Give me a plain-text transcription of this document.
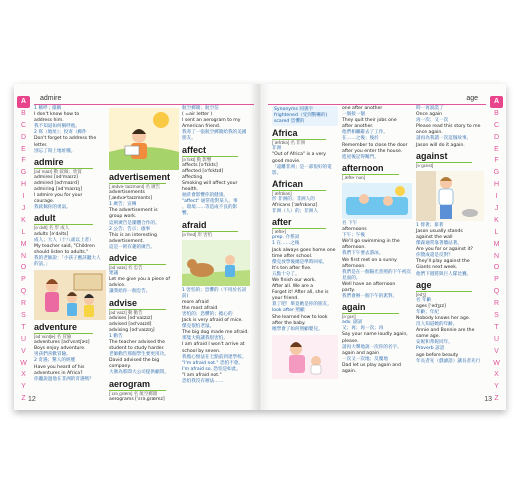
A
B
C
D
E
F
G
H
I
J
K
L
M
N
O
P
Q
R
S
T
U
V
W
X
Y
Z
admire
1 稱呼 ; 擡稱
I don't know how to
address him.
我不知道如何稱呼他。
2 寫（地址）；投寄（郵件
Don't forget to address the
letter.
別忘了寫上地址哦。
admire
[ədˈmaɪr] 動 欽佩；欣賞
admires [ədˈmaɪrz]
admired [ədˈmaɪrd]
admiring [ədˈmaɪrɪŋ]
I admire you for your
courage.
我欽佩你的勇氣。
adult
[əˈdʌlt] 名 形 成人
adults [əˈdʌlts]
成人；大人（十八歲以上者）
My teacher said, "Children
should listen to adults."
我的老師說：「小孩子應該聽大人
的話。」
adventure
[ədˈvɛntʃɚ] 名 冒險
adventures [ədˈvɛntʃɚz]
Boys enjoy adventure.
男孩們喜歡冒險。
2 奇遇；驚人的經歷
Have you heard of his
adventures in Africa?
你聽說過他在非洲的奇遇嗎？
advertisement
[ˌædvɚˈtaɪzmənt] 名 廣告
advertisements
[ˌædvɚˈtaɪzmənts]
1 廣告；宣傳
The advertisement is
group work.
這則廣告是團體合作的。
2 公告；告示；啟事
This is an interesting
advertisement.
這是一則有趣的廣告。
advice
[ədˈvaɪs] 名 忠告
建議
Let me give you a piece of
advice.
讓我給你一個忠告。
advise
[ədˈvaɪz] 動 勸告
advises [ədˈvaɪzɪz]
advised [ədˈvaɪzd]
advising [ədˈvaɪzɪŋ]
1 勸告
The teacher advised the
student to study harder.
老師勸告那個學生要更用功。
David advised the big
company.
大衛為那間大公司提供顧問。
aerogram
[ˈɛrəˌɡræm] 名 航空郵簡
aerograms [ˈɛrəˌɡræmz]
航空郵簡；航空信
( =air letter )
I sent an aerogram to my
American friend.
我寄了一張航空郵簡給我的美國朋友。
affect
[əˈfɛkt] 動 影響
affects [əˈfɛkts]
affected [əˈfɛktɪd]
affecting
Smoking will affect your
health.
抽菸會影響你的健康。
"affect" 通常指對某人、事
、環境……等造成不良的影
響。
afraid
[əˈfred] 形 害怕
1 害怕的；恐懼的（不用於名詞前)
more afraid
the most afraid
害怕的；恐懼的；擔心的
Jack is very afraid of mice.
傑克很怕老鼠。
The big dog made me afraid.
那隻大狗讓我很害怕。
I am afraid I won't arrive at
school by seven.
我擔心無法在七點前到達學校。
"I'm afraid not." 恐怕不會。
I'm afraid so. 恐怕是如此。
"I am afraid not."
恐怕我沒有辦法……
12
A
B
C
D
E
F
G
H
I
J
K
L
M
N
O
P
Q
R
S
T
U
V
W
X
Y
Z
age
Synonyms 同義字
frightened（受到驚嚇的)
scared 恐懼的
Africa
[ˈæfrɪkə] 名 非洲
非洲
"Out of Africa" is a very
good movie.
「遠離非洲」是一部很好的電影。
African
[ˈæfrɪkən]
形 非洲的；非洲人的
Africans [ˈæfrɪkənz]
非洲（人）的；非洲人
after
[ˈæftɚ]
prep. 介系詞
1 在……之後
Jack always goes home one
time after school.
傑克放學後總是準時回家。
It's ten after five.
五點十分了。
We finish our work.
After all. We are a
Forget it! After all, she is
your friend.
算了吧！畢竟她是你的朋友。
look after 照顧
She learned how to look
after the baby.
她學會了如何照顧嬰兒。
one after another
一個接一個
They quit their jobs one
after another.
他們相繼辭去了工作。
在……之後；後於
Remember to close the door
after you enter the house.
進屋後記得關門。
afternoon
[ˌæftɚˈnun]
名 下午
afternoons
下午；午後
We'll go swimming in the
afternoon.
我們下午要去游泳。
We first met on a sunny
afternoon.
我們是在一個陽光普照的下午初次見面的。
Well have an afternoon
party.
我們會辦一個下午的派對。
again
[əˈɡɛn]
adv. 副詞
又；再；再一次；再
Say your name loudly again,
please.
請再大聲地說一次你的名字。
again and again
一次又一次地；反覆地
Dad let us play again and
again.
時一再說謊了
Once again
再一次；又一次
Please read this story to me
once again.
請再為我讀一次這個故事。
Jason will do it again.
against
[əˈɡɛnst]
1 倚著；靠著
Jason usually stands
against the wall
傑森通常靠著牆站著。
Are you for or against it?
你贊成還是反對？
They'll play against the
Giants next week.
他們下週將與巨人隊比賽。
age
[edʒ]
名 年齡
ages [ˈedʒɪz]
年齡；年紀
Nobody knows her age.
沒人知道她的年齡。
Annie and Bonnie are the
same age.
安妮和邦妮同年。
Proverb 諺語
age before beauty
年長者先（戲謔語）讓長者先行
13
